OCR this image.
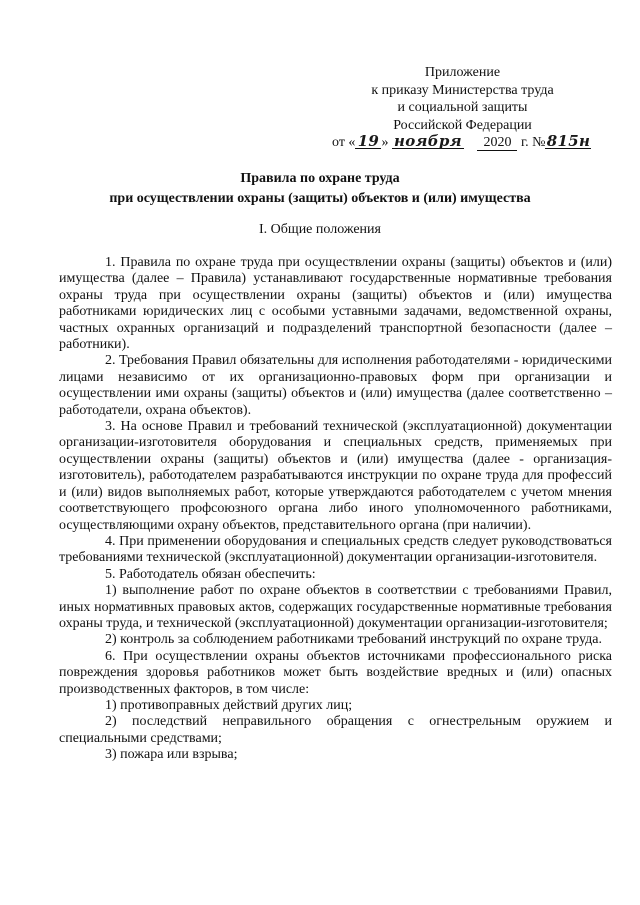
Приложение
к приказу Министерства труда
и социальной защиты
Российской Федерации
от « 19 » ноября 2020 г. №815н
Правила по охране труда
при осуществлении охраны (защиты) объектов и (или) имущества
I. Общие положения

1. Правила по охране труда при осуществлении охраны (защиты) объектов и (или) имущества (далее – Правила) устанавливают государственные нормативные требования охраны труда при осуществлении охраны (защиты) объектов и (или) имущества работниками юридических лиц с особыми уставными задачами, ведомственной охраны, частных охранных организаций и подразделений транспортной безопасности (далее – работники).

2. Требования Правил обязательны для исполнения работодателями - юридическими лицами независимо от их организационно-правовых форм при организации и осуществлении ими охраны (защиты) объектов и (или) имущества (далее соответственно – работодатели, охрана объектов).

3. На основе Правил и требований технической (эксплуатационной) документации организации-изготовителя оборудования и специальных средств, применяемых при осуществлении охраны (защиты) объектов и (или) имущества (далее - организация-изготовитель), работодателем разрабатываются инструкции по охране труда для профессий и (или) видов выполняемых работ, которые утверждаются работодателем с учетом мнения соответствующего профсоюзного органа либо иного уполномоченного работниками, осуществляющими охрану объектов, представительного органа (при наличии).

4. При применении оборудования и специальных средств следует руководствоваться требованиями технической (эксплуатационной) документации организации-изготовителя.

5. Работодатель обязан обеспечить:

1) выполнение работ по охране объектов в соответствии с требованиями Правил, иных нормативных правовых актов, содержащих государственные нормативные требования охраны труда, и технической (эксплуатационной) документации организации-изготовителя;

2) контроль за соблюдением работниками требований инструкций по охране труда.

6. При осуществлении охраны объектов источниками профессионального риска повреждения здоровья работников может быть воздействие вредных и (или) опасных производственных факторов, в том числе:

1) противоправных действий других лиц;

2) последствий неправильного обращения с огнестрельным оружием и специальными средствами;

3) пожара или взрыва;
